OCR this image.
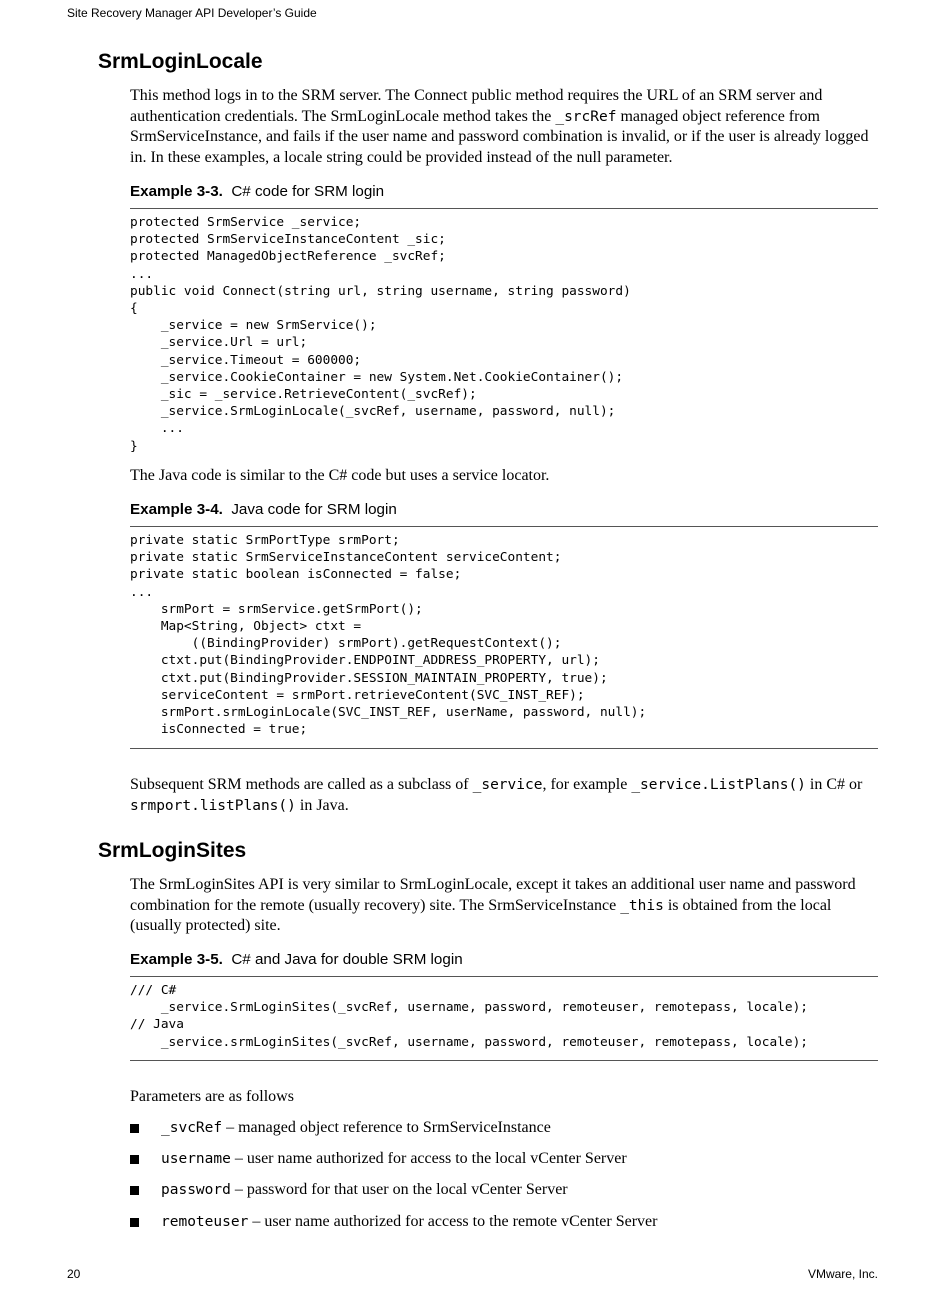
Site Recovery Manager API Developer’s Guide
SrmLoginLocale

This method logs in to the SRM server. The Connect public method requires the URL of an SRM server and authentication credentials. The SrmLoginLocale method takes the _srcRef managed object reference from SrmServiceInstance, and fails if the user name and password combination is invalid, or if the user is already logged in. In these examples, a locale string could be provided instead of the null parameter.

Example 3-3. C# code for SRM login
protected SrmService _service;
protected SrmServiceInstanceContent _sic;
protected ManagedObjectReference _svcRef;
...
public void Connect(string url, string username, string password)
{
_service = new SrmService();
_service.Url = url;
_service.Timeout = 600000;
_service.CookieContainer = new System.Net.CookieContainer();
_sic = _service.RetrieveContent(_svcRef);
_service.SrmLoginLocale(_svcRef, username, password, null);
...
}

The Java code is similar to the C# code but uses a service locator.

Example 3-4. Java code for SRM login
private static SrmPortType srmPort;
private static SrmServiceInstanceContent serviceContent;
private static boolean isConnected = false;
...
srmPort = srmService.getSrmPort();
Map<String, Object> ctxt =
((BindingProvider) srmPort).getRequestContext();
ctxt.put(BindingProvider.ENDPOINT_ADDRESS_PROPERTY, url);
ctxt.put(BindingProvider.SESSION_MAINTAIN_PROPERTY, true);
serviceContent = srmPort.retrieveContent(SVC_INST_REF);
srmPort.srmLoginLocale(SVC_INST_REF, userName, password, null);
isConnected = true;

Subsequent SRM methods are called as a subclass of _service, for example _service.ListPlans() in C# or srmport.listPlans() in Java.

SrmLoginSites

The SrmLoginSites API is very similar to SrmLoginLocale, except it takes an additional user name and password combination for the remote (usually recovery) site. The SrmServiceInstance _this is obtained from the local (usually protected) site.

Example 3-5. C# and Java for double SRM login
/// C#
_service.SrmLoginSites(_svcRef, username, password, remoteuser, remotepass, locale);
// Java
_service.srmLoginSites(_svcRef, username, password, remoteuser, remotepass, locale);

Parameters are as follows

_svcRef – managed object reference to SrmServiceInstance
username – user name authorized for access to the local vCenter Server
password – password for that user on the local vCenter Server
remoteuser – user name authorized for access to the remote vCenter Server
20	VMware, Inc.
